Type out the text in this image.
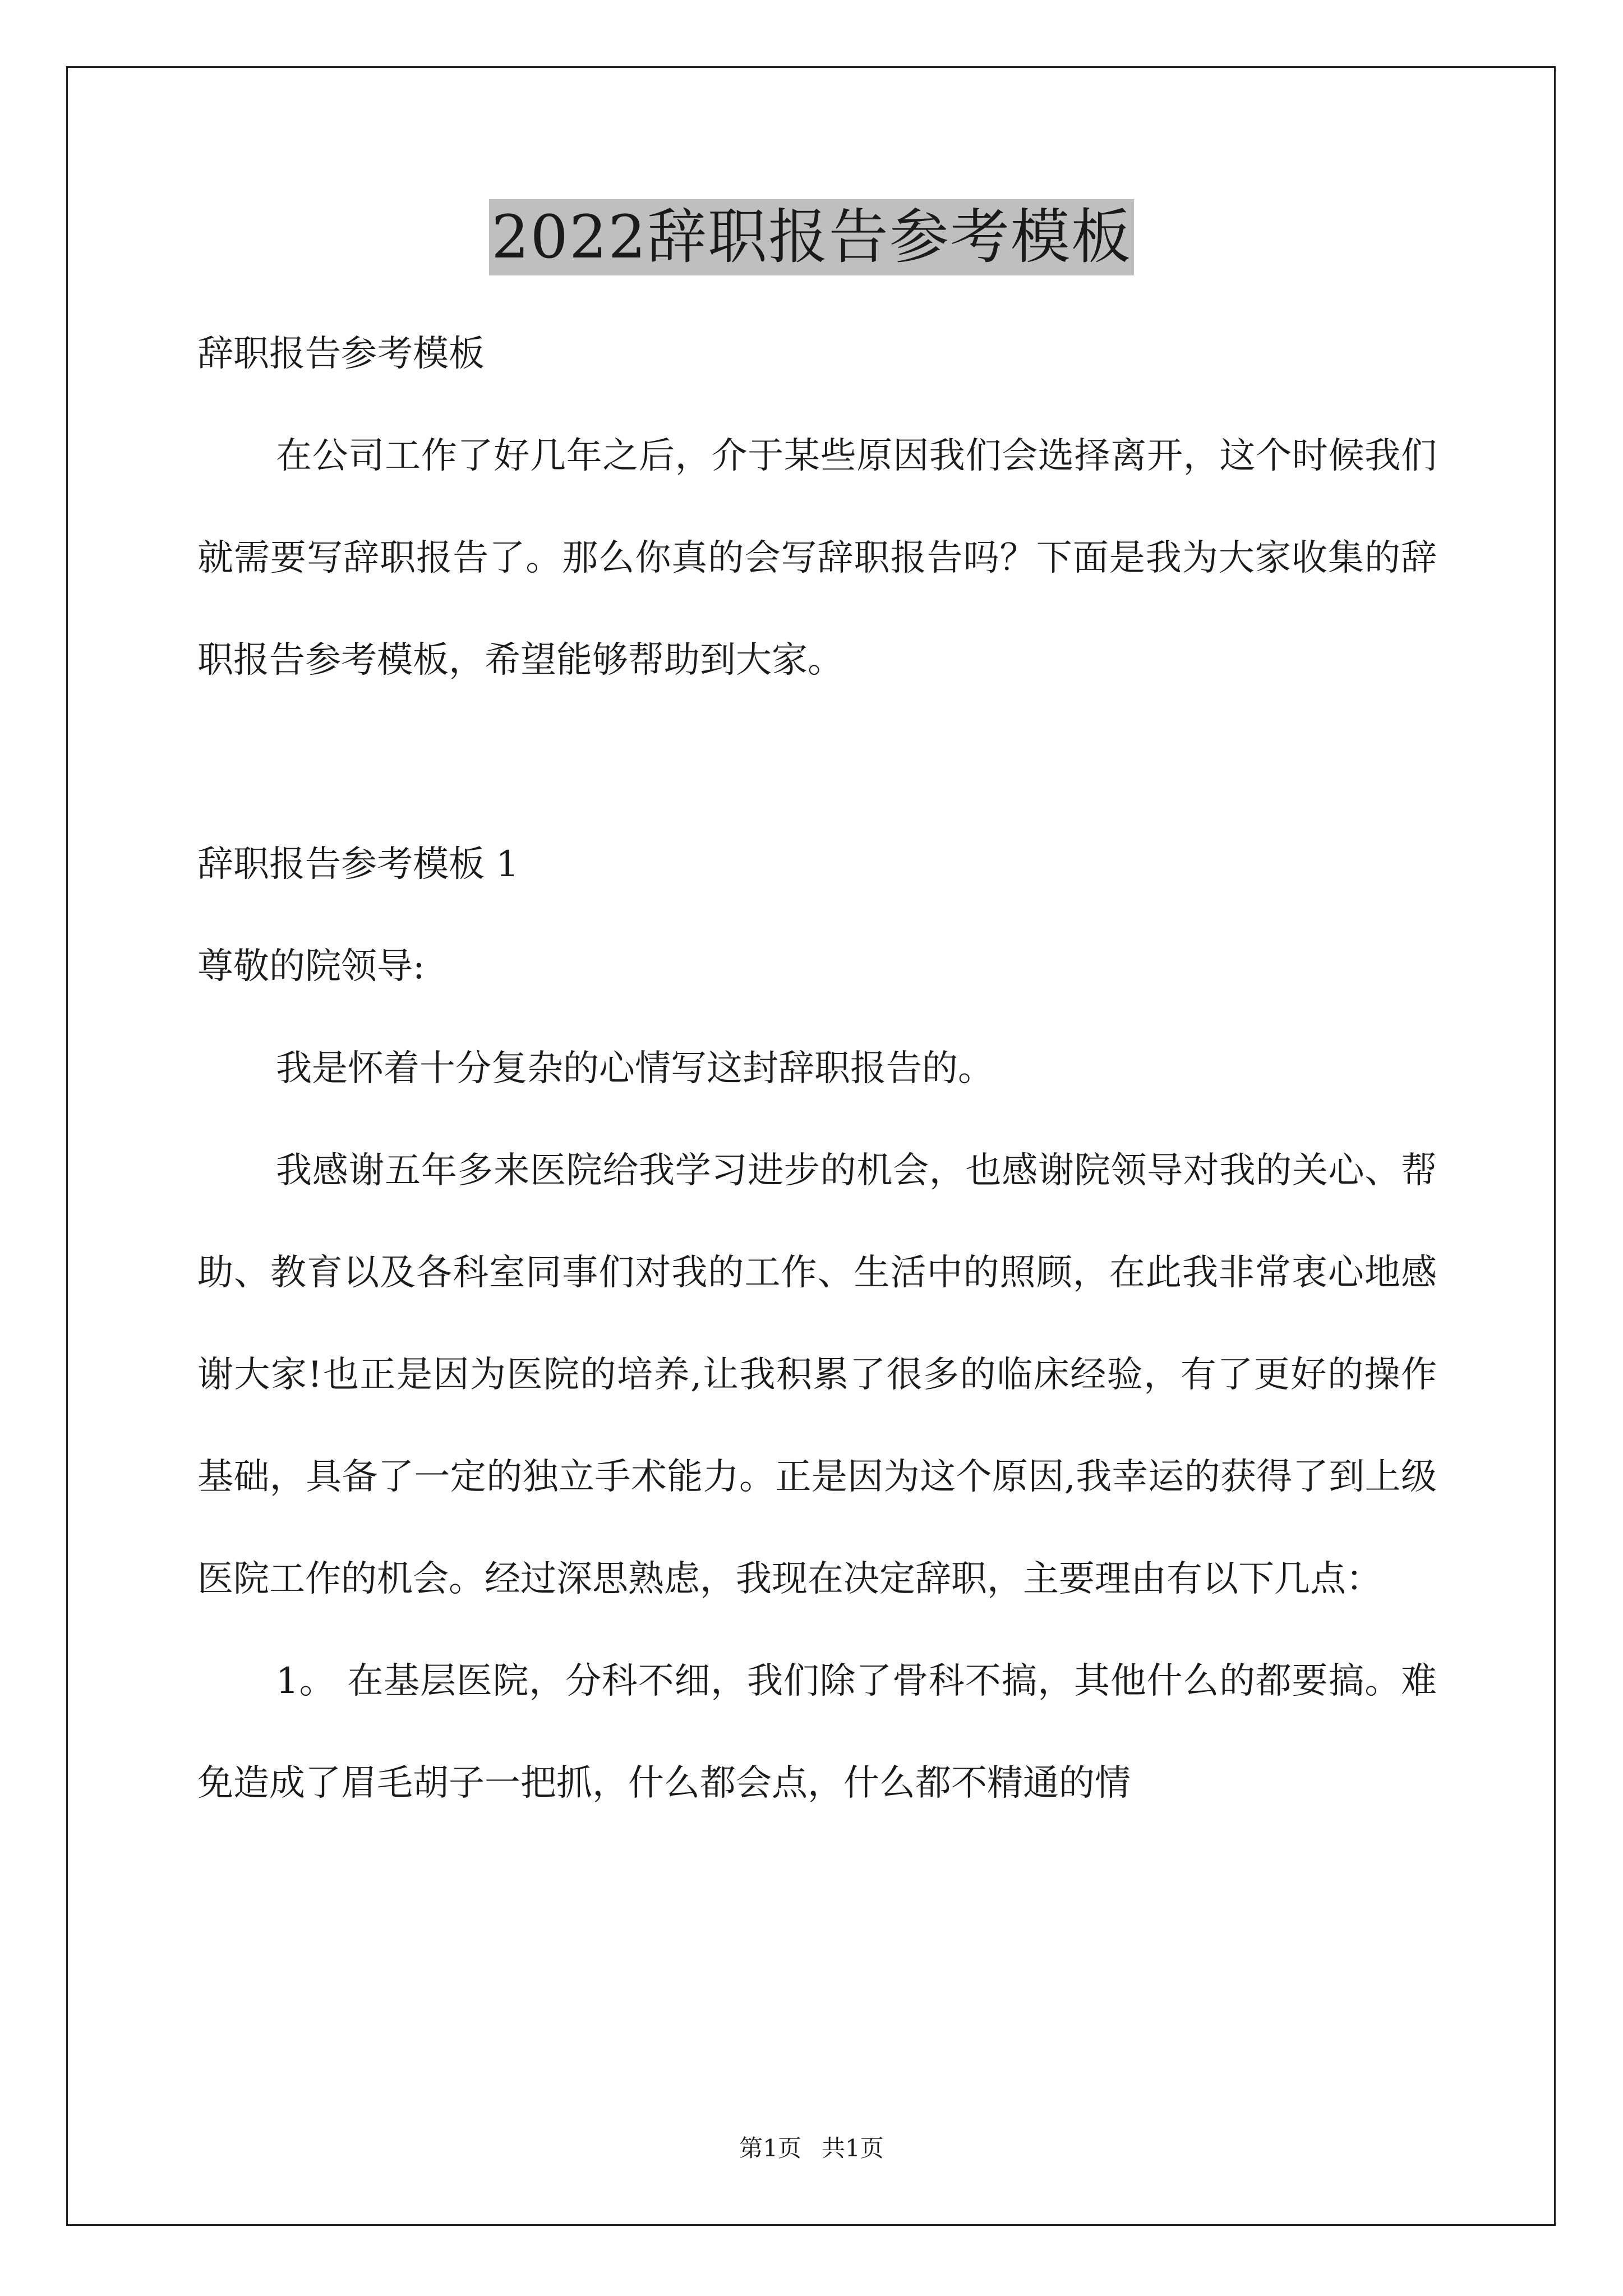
2022辞职报告参考模板

辞职报告参考模板

在公司工作了好几年之后，介于某些原因我们会选择离开，这个时候我们就需要写辞职报告了。那么你真的会写辞职报告吗？下面是我为大家收集的辞职报告参考模板，希望能够帮助到大家。

辞职报告参考模板 1

尊敬的院领导:

我是怀着十分复杂的心情写这封辞职报告的。

我感谢五年多来医院给我学习进步的机会，也感谢院领导对我的关心、帮助、教育以及各科室同事们对我的工作、生活中的照顾，在此我非常衷心地感谢大家!也正是因为医院的培养,让我积累了很多的临床经验，有了更好的操作基础，具备了一定的独立手术能力。正是因为这个原因,我幸运的获得了到上级医院工作的机会。经过深思熟虑，我现在决定辞职，主要理由有以下几点：

1。 在基层医院，分科不细，我们除了骨科不搞，其他什么的都要搞。难免造成了眉毛胡子一把抓，什么都会点，什么都不精通的情

第1页 共1页
